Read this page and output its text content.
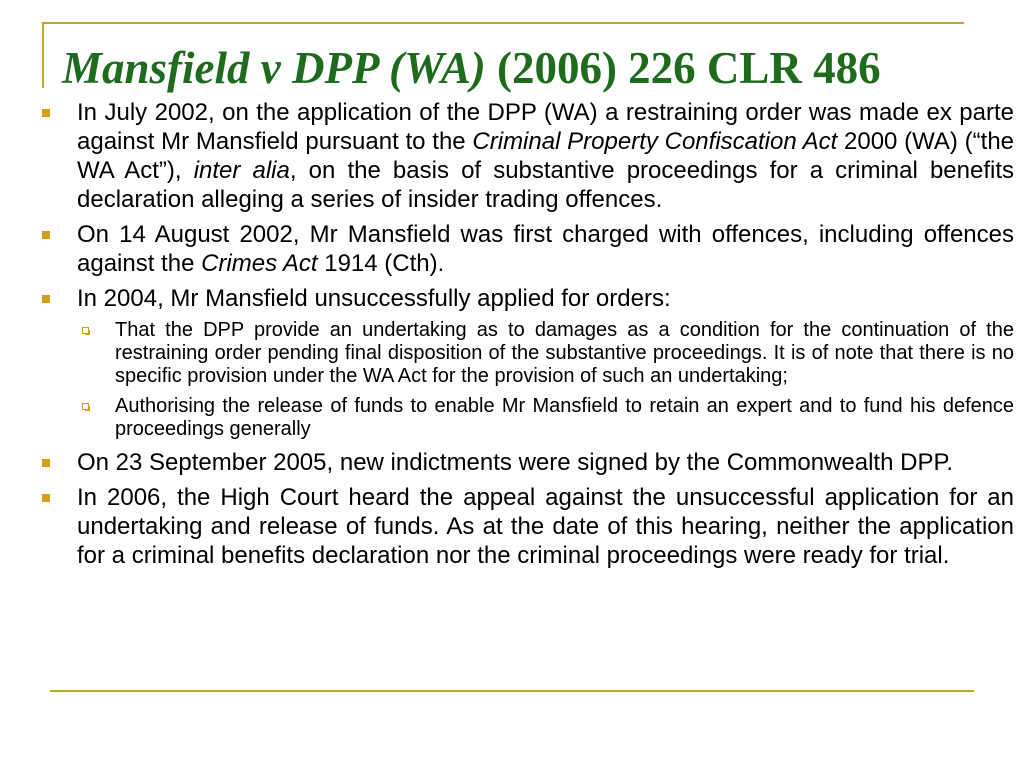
Mansfield v DPP (WA) (2006) 226 CLR 486
In July 2002, on the application of the DPP (WA) a restraining order was made ex parte against Mr Mansfield pursuant to the Criminal Property Confiscation Act 2000 (WA) (“the WA Act”), inter alia, on the basis of substantive proceedings for a criminal benefits declaration alleging a series of insider trading offences.
On 14 August 2002, Mr Mansfield was first charged with offences, including offences against the Crimes Act 1914 (Cth).
In 2004, Mr Mansfield unsuccessfully applied for orders:
That the DPP provide an undertaking as to damages as a condition for the continuation of the restraining order pending final disposition of the substantive proceedings. It is of note that there is no specific provision under the WA Act for the provision of such an undertaking;
Authorising the release of funds to enable Mr Mansfield to retain an expert and to fund his defence proceedings generally
On 23 September 2005, new indictments were signed by the Commonwealth DPP.
In 2006, the High Court heard the appeal against the unsuccessful application for an undertaking and release of funds. As at the date of this hearing, neither the application for a criminal benefits declaration nor the criminal proceedings were ready for trial.
